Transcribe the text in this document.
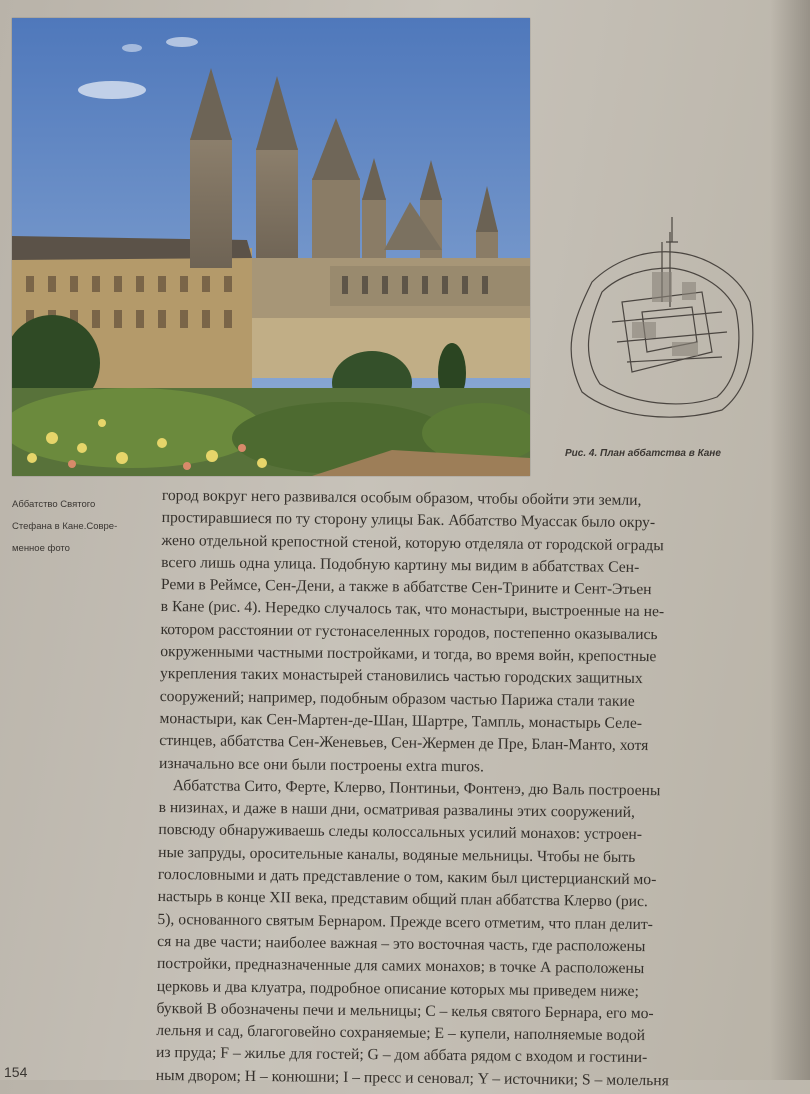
Рис. 4. План аббатства в Кане
Аббатство Святого
Стефана в Кане.Совре-
менное фото
город вокруг него развивался особым образом, чтобы обойти эти земли,
простиравшиеся по ту сторону улицы Бак. Аббатство Муассак было окру-
жено отдельной крепостной стеной, которую отделяла от городской ограды
всего лишь одна улица. Подобную картину мы видим в аббатствах Сен-
Реми в Реймсе, Сен-Дени, а также в аббатстве Сен-Трините и Сент-Этьен
в Кане (рис. 4). Нередко случалось так, что монастыри, выстроенные на не-
котором расстоянии от густонаселенных городов, постепенно оказывались
окруженными частными постройками, и тогда, во время войн, крепостные
укрепления таких монастырей становились частью городских защитных
сооружений; например, подобным образом частью Парижа стали такие
монастыри, как Сен-Мартен-де-Шан, Шартре, Тампль, монастырь Селе-
стинцев, аббатства Сен-Женевьев, Сен-Жермен де Пре, Блан-Манто, хотя
изначально все они были построены extra muros.
Аббатства Сито, Ферте, Клерво, Понтиньи, Фонтенэ, дю Валь построены
в низинах, и даже в наши дни, осматривая развалины этих сооружений,
повсюду обнаруживаешь следы колоссальных усилий монахов: устроен-
ные запруды, оросительные каналы, водяные мельницы. Чтобы не быть
голословными и дать представление о том, каким был цистерцианский мо-
настырь в конце XII века, представим общий план аббатства Клерво (рис.
5), основанного святым Бернаром. Прежде всего отметим, что план делит-
ся на две части; наиболее важная – это восточная часть, где расположены
постройки, предназначенные для самих монахов; в точке А расположены
церковь и два клуатра, подробное описание которых мы приведем ниже;
буквой В обозначены печи и мельницы; С – келья святого Бернара, его мо-
лельня и сад, благоговейно сохраняемые; Е – купели, наполняемые водой
из пруда; F – жилье для гостей; G – дом аббата рядом с входом и гостини-
ным двором; H – конюшни; I – пресс и сеновал; Y – источники; S – молельня
154
